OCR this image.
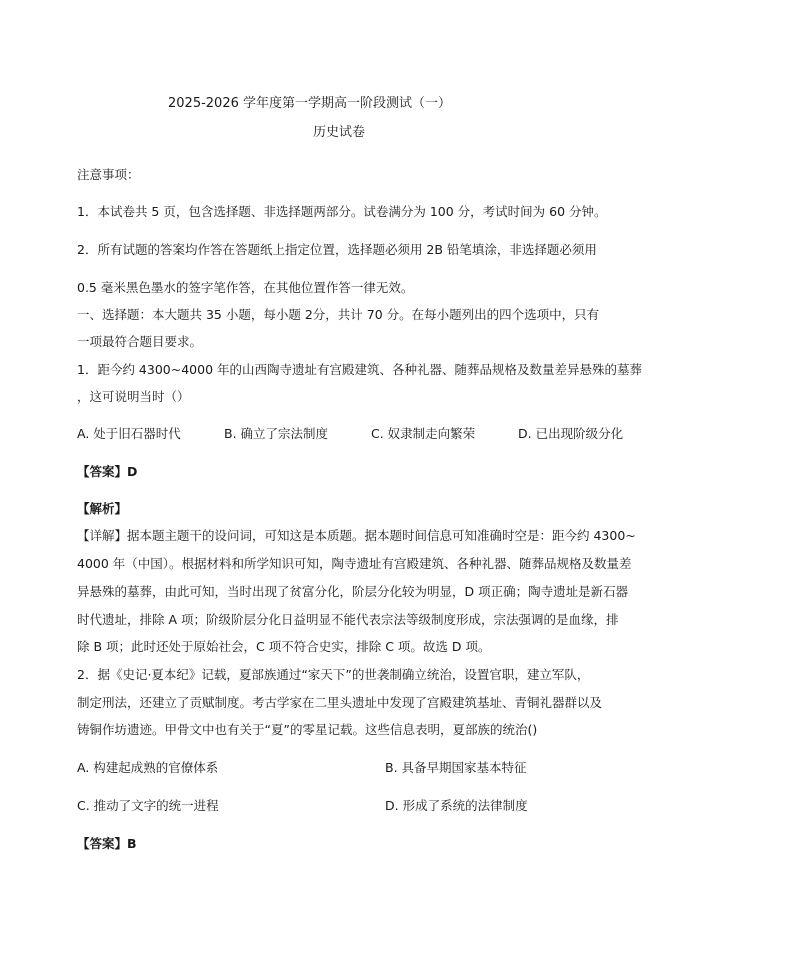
2025-2026 学年度第一学期高一阶段测试（一）
历史试卷
注意事项：
1．本试卷共 5 页，包含选择题、非选择题两部分。试卷满分为 100 分，考试时间为 60 分钟。
2．所有试题的答案均作答在答题纸上指定位置，选择题必须用 2B 铅笔填涂，非选择题必须用
0.5 毫米黑色墨水的签字笔作答，在其他位置作答一律无效。
一、选择题：本大题共 35 小题，每小题 2分，共计 70 分。在每小题列出的四个选项中，只有
一项最符合题目要求。
1．距今约 4300~4000 年的山西陶寺遗址有宫殿建筑、各种礼器、随葬品规格及数量差异悬殊的墓葬
，这可说明当时（）
A. 处于旧石器时代	B. 确立了宗法制度	C. 奴隶制走向繁荣	D. 已出现阶级分化
【答案】D
【解析】
【详解】据本题主题干的设问词，可知这是本质题。据本题时间信息可知准确时空是：距今约 4300~
4000 年（中国）。根据材料和所学知识可知，陶寺遗址有宫殿建筑、各种礼器、随葬品规格及数量差
异悬殊的墓葬，由此可知，当时出现了贫富分化，阶层分化较为明显，D 项正确；陶寺遗址是新石器
时代遗址，排除 A 项；阶级阶层分化日益明显不能代表宗法等级制度形成，宗法强调的是血缘，排
除 B 项；此时还处于原始社会，C 项不符合史实，排除 C 项。故选 D 项。
2．据《史记·夏本纪》记载，夏部族通过“家天下”的世袭制确立统治，设置官职，建立军队，
制定刑法，还建立了贡赋制度。考古学家在二里头遗址中发现了宫殿建筑基址、青铜礼器群以及
铸铜作坊遗迹。甲骨文中也有关于“夏”的零星记载。这些信息表明，夏部族的统治()
A. 构建起成熟的官僚体系	B. 具备早期国家基本特征
C. 推动了文字的统一进程	D. 形成了系统的法律制度
【答案】B
